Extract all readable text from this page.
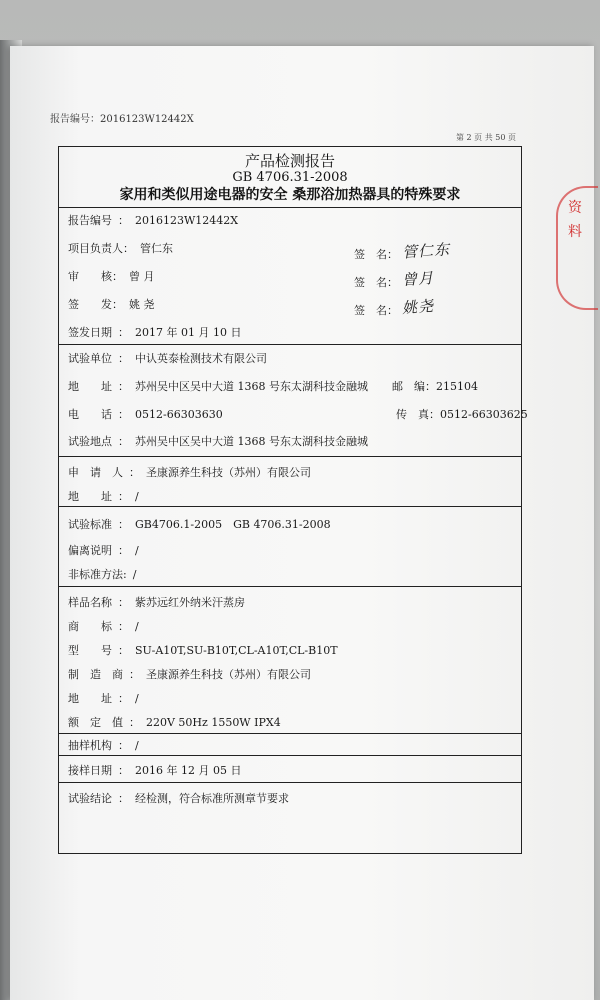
报告编号：2016123W12442X
第 2 页 共 50 页
产品检测报告
GB 4706.31-2008
家用和类似用途电器的安全 桑那浴加热器具的特殊要求
报告编号 ： 2016123W12442X
项目负责人： 管仁东
审　　核： 曾 月
签　　发： 姚 尧
签发日期 ： 2017 年 01 月 10 日
签　名：
签　名：
签　名：
管仁东
曾月
姚尧
试验单位 ： 中认英泰检测技术有限公司
地　　址 ： 苏州吴中区吴中大道 1368 号东太湖科技金融城 邮　编：215104
电　　话 ： 0512-66303630	传　真：0512-66303625
试验地点 ： 苏州吴中区吴中大道 1368 号东太湖科技金融城
申　请　人 ： 圣康源养生科技（苏州）有限公司
地　　址 ： /
试验标准 ： GB4706.1-2005　GB 4706.31-2008
偏离说明 ： /
非标准方法: /
样品名称 ： 紫苏远红外纳米汗蒸房
商　　标 ： /
型　　号 ： SU-A10T,SU-B10T,CL-A10T,CL-B10T
制　造　商 ： 圣康源养生科技（苏州）有限公司
地　　址 ： /
额　定　值 ： 220V 50Hz 1550W IPX4
抽样机构 ： /
接样日期 ： 2016 年 12 月 05 日
试验结论 ： 经检测，符合标准所测章节要求
资料
